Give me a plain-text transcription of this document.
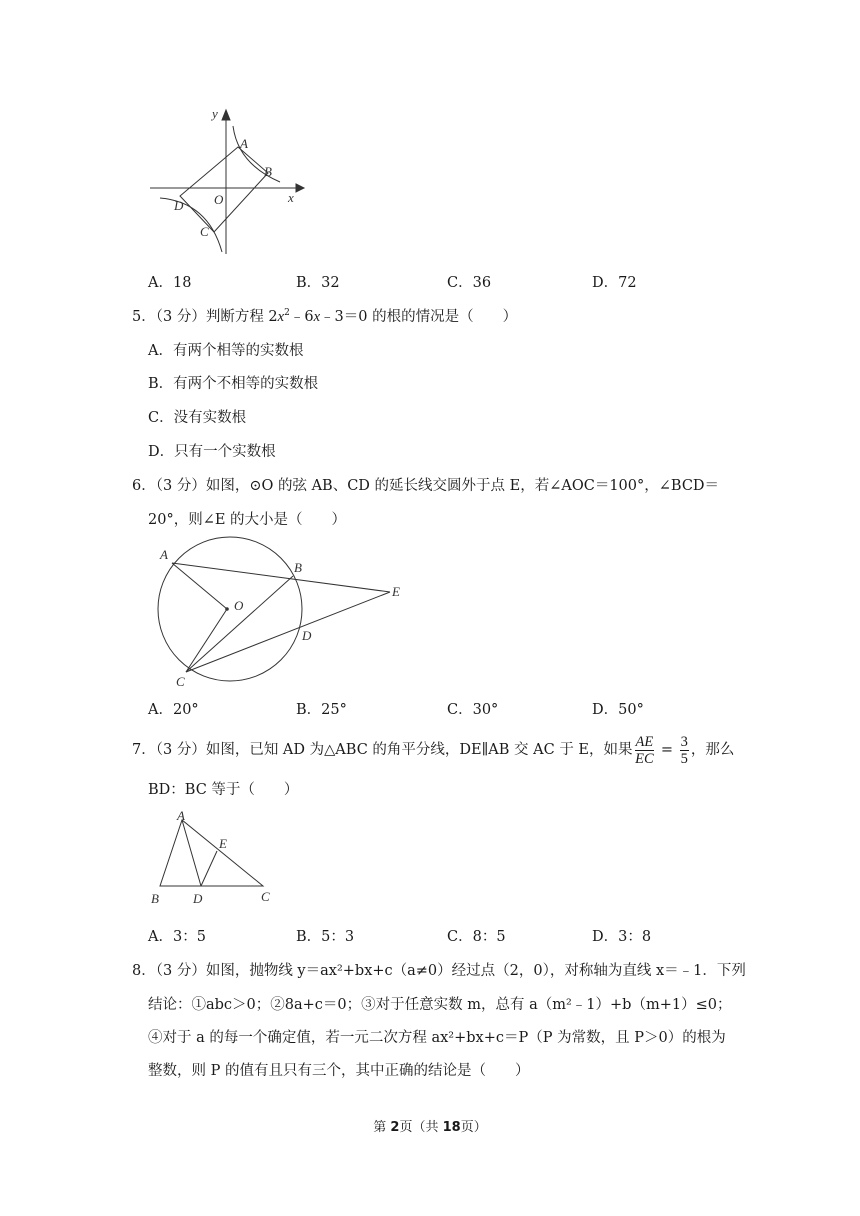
y
x
O
A
B
C
D
A．18	B．32	C．36	D．72
5．（3 分）判断方程 $2x^2﹣6x﹣3=0$ 的根的情况是（　　）
A．有两个相等的实数根
B．有两个不相等的实数根
C．没有实数根
D．只有一个实数根
6．（3 分）如图，⊙O 的弦 AB、CD 的延长线交圆外于点 E，若∠AOC＝100°，∠BCD＝
20°，则∠E 的大小是（　　）
A
B
C
D
E
O
A．20°	B．25°	C．30°	D．50°
7．（3 分）如图，已知 AD 为△ABC 的角平分线，DE∥AB 交 AC 于 E，如果 $\frac{AE}{EC} = \frac{3}{5}$ ，那么
BD：BC 等于（　　）
A
B	C
D
E
A．3：5	B．5：3	C．8：5	D．3：8
8．（3 分）如图，抛物线 y＝ax²+bx+c（a≠0）经过点（2，0），对称轴为直线 x＝﹣1．下列
结论：①abc＞0；②8a+c＝0；③对于任意实数 m，总有 a（m²﹣1）+b（m+1）≤0；
④对于 a 的每一个确定值，若一元二次方程 ax²+bx+c＝P（P 为常数，且 P＞0）的根为
整数，则 P 的值有且只有三个，其中正确的结论是（　　）
第 2页（共 18页）
